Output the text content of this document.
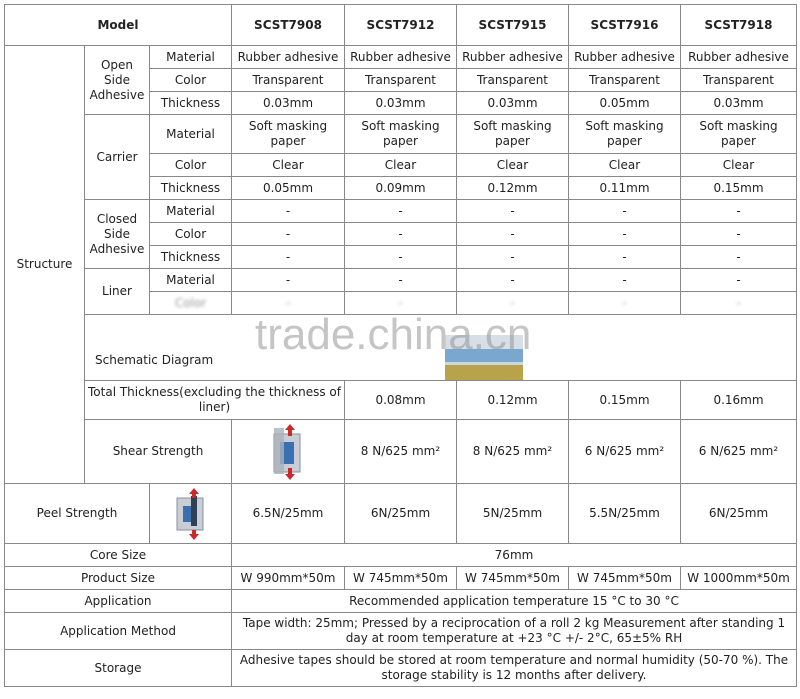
Model			SCST7908	SCST7912	SCST7915	SCST7916	SCST7918	
Structure	Open Side Adhesive	Material	Rubber adhesive	Rubber adhesive	Rubber adhesive	Rubber adhesive	Rubber adhesive	
		Color	Transparent	Transparent	Transparent	Transparent	Transparent	
		Thickness	0.03mm	0.03mm	0.03mm	0.05mm	0.03mm	
	Carrier	Material	Soft masking paper	Soft masking paper	Soft masking paper	Soft masking paper	Soft masking paper	
		Color	Clear	Clear	Clear	Clear	Clear	
		Thickness	0.05mm	0.09mm	0.12mm	0.11mm	0.15mm	
	Closed Side Adhesive	Material	-	-	-	-	-	
		Color	-	-	-	-	-	
		Thickness	-	-	-	-	-	
	Liner	Material	-	-	-	-	-	
		Color	-	-	-	-	-	
	Schematic Diagram							
	Total Thickness(excluding the thickness of liner)			0.08mm	0.12mm	0.15mm	0.16mm	
	Shear Strength			8 N/625 mm²	8 N/625 mm²	6 N/625 mm²	6 N/625 mm²	
Peel Strength			6.5N/25mm	6N/25mm	5N/25mm	5.5N/25mm	6N/25mm	
Core Size			76mm					
Product Size			W 990mm*50m	W 745mm*50m	W 745mm*50m	W 745mm*50m	W 1000mm*50m	
Application			Recommended application temperature 15 °C to 30 °C					
Application Method			Tape width: 25mm; Pressed by a reciprocation of a roll 2 kg Measurement after standing 1 day at room temperature at +23 °C +/- 2°C, 65±5% RH					
Storage			Adhesive tapes should be stored at room temperature and normal humidity (50-70 %). The storage stability is 12 months after delivery.					
trade.china.cn
